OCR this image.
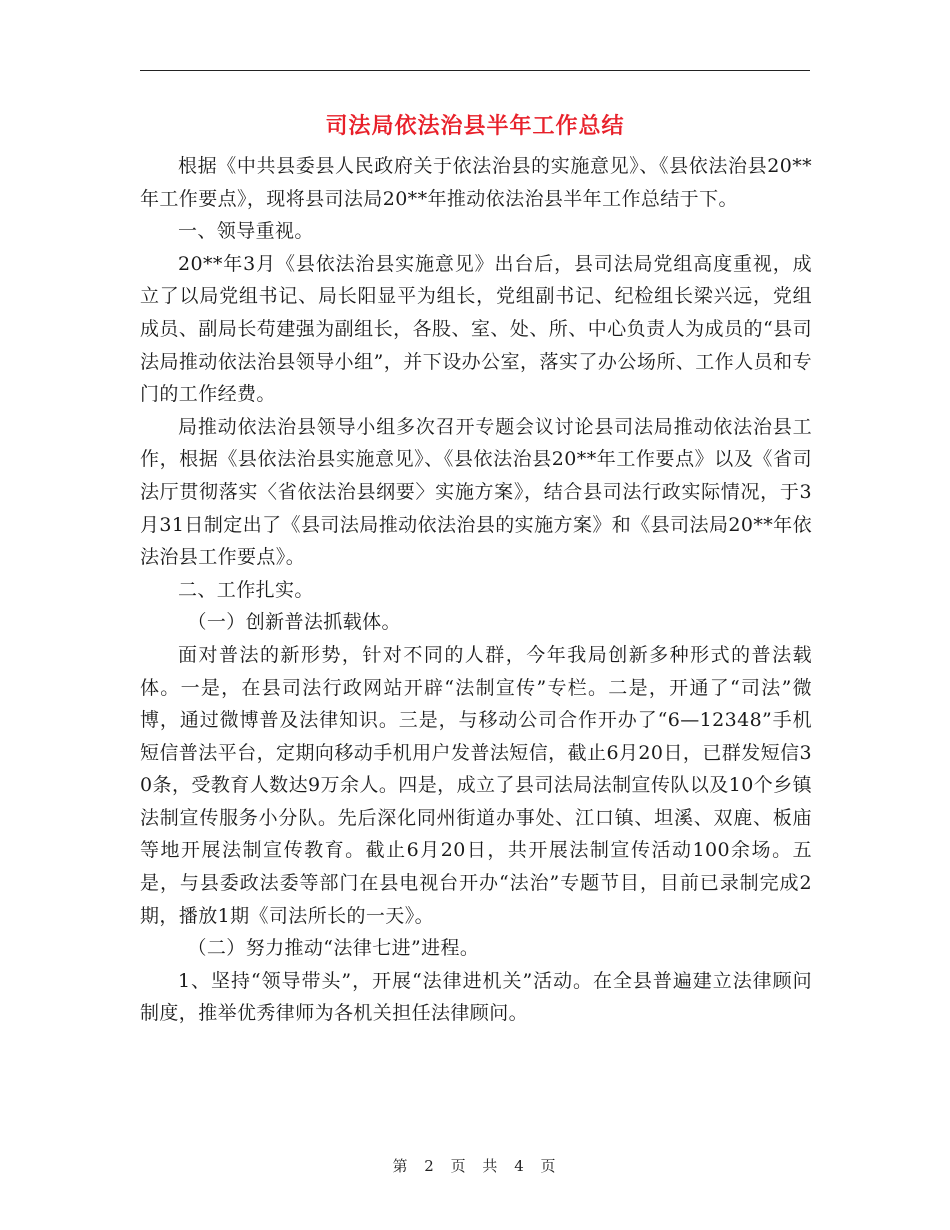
司法局依法治县半年工作总结

根据《中共县委县人民政府关于依法治县的实施意见》、《县依法治县20**年工作要点》，现将县司法局20**年推动依法治县半年工作总结于下。

一、领导重视。

20**年3月《县依法治县实施意见》出台后，县司法局党组高度重视，成立了以局党组书记、局长阳显平为组长，党组副书记、纪检组长梁兴远，党组成员、副局长苟建强为副组长，各股、室、处、所、中心负责人为成员的“县司法局推动依法治县领导小组”，并下设办公室，落实了办公场所、工作人员和专门的工作经费。

局推动依法治县领导小组多次召开专题会议讨论县司法局推动依法治县工作，根据《县依法治县实施意见》、《县依法治县20**年工作要点》以及《省司法厅贯彻落实〈省依法治县纲要〉实施方案》，结合县司法行政实际情况，于3月31日制定出了《县司法局推动依法治县的实施方案》和《县司法局20**年依法治县工作要点》。

二、工作扎实。

（一）创新普法抓载体。

面对普法的新形势，针对不同的人群，今年我局创新多种形式的普法载体。一是，在县司法行政网站开辟“法制宣传”专栏。二是，开通了“司法”微博，通过微博普及法律知识。三是，与移动公司合作开办了“6—12348”手机短信普法平台，定期向移动手机用户发普法短信，截止6月20日，已群发短信30条，受教育人数达9万余人。四是，成立了县司法局法制宣传队以及10个乡镇法制宣传服务小分队。先后深化同州街道办事处、江口镇、坦溪、双鹿、板庙等地开展法制宣传教育。截止6月20日，共开展法制宣传活动100余场。五是，与县委政法委等部门在县电视台开办“法治”专题节目，目前已录制完成2期，播放1期《司法所长的一天》。

（二）努力推动“法律七进”进程。

1、坚持“领导带头”，开展“法律进机关”活动。在全县普遍建立法律顾问制度，推举优秀律师为各机关担任法律顾问。

第 2 页 共 4 页
